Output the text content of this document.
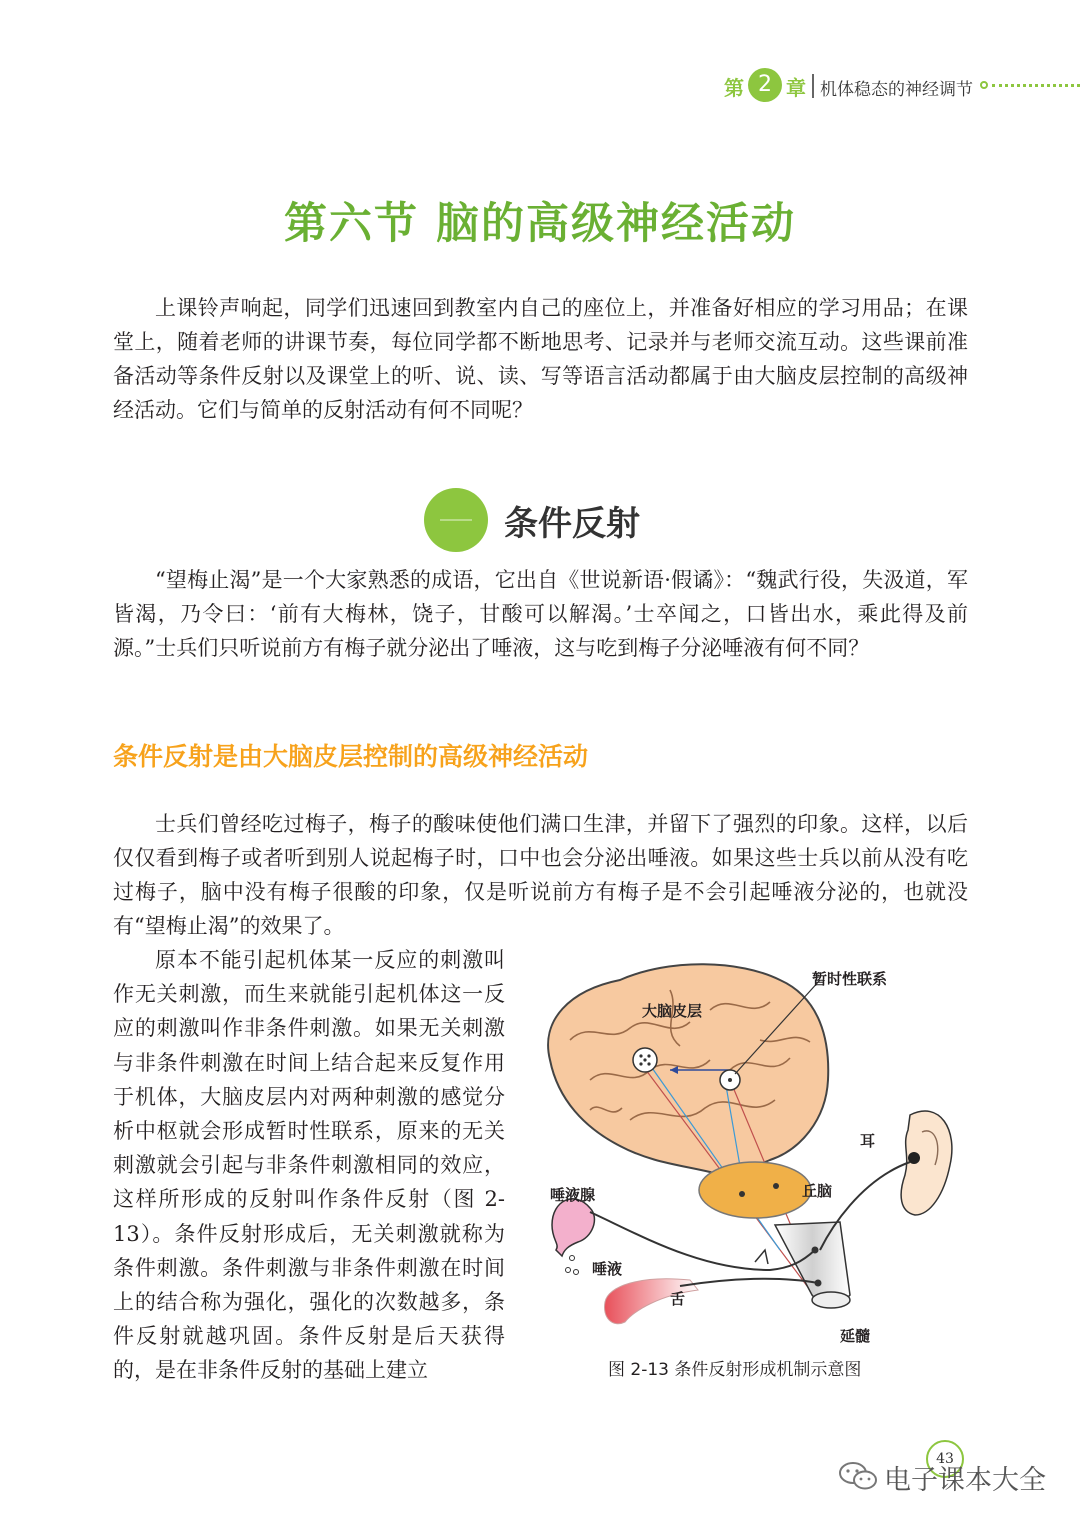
第 2 章 机体稳态的神经调节
第六节 脑的高级神经活动

上课铃声响起，同学们迅速回到教室内自己的座位上，并准备好相应的学习用品；在课堂上，随着老师的讲课节奏，每位同学都不断地思考、记录并与老师交流互动。这些课前准备活动等条件反射以及课堂上的听、说、读、写等语言活动都属于由大脑皮层控制的高级神经活动。它们与简单的反射活动有何不同呢？

条件反射

“望梅止渴”是一个大家熟悉的成语，它出自《世说新语·假谲》：“魏武行役，失汲道，军皆渴，乃令曰：‘前有大梅林，饶子，甘酸可以解渴。’士卒闻之，口皆出水，乘此得及前源。”士兵们只听说前方有梅子就分泌出了唾液，这与吃到梅子分泌唾液有何不同？

条件反射是由大脑皮层控制的高级神经活动

士兵们曾经吃过梅子，梅子的酸味使他们满口生津，并留下了强烈的印象。这样，以后仅仅看到梅子或者听到别人说起梅子时，口中也会分泌出唾液。如果这些士兵以前从没有吃过梅子，脑中没有梅子很酸的印象，仅是听说前方有梅子是不会引起唾液分泌的，也就没有“望梅止渴”的效果了。

原本不能引起机体某一反应的刺激叫作无关刺激，而生来就能引起机体这一反应的刺激叫作非条件刺激。如果无关刺激与非条件刺激在时间上结合起来反复作用于机体，大脑皮层内对两种刺激的感觉分析中枢就会形成暂时性联系，原来的无关刺激就会引起与非条件刺激相同的效应，这样所形成的反射叫作条件反射（图 2-13）。条件反射形成后，无关刺激就称为条件刺激。条件刺激与非条件刺激在时间上的结合称为强化，强化的次数越多，条件反射就越巩固。条件反射是后天获得的，是在非条件反射的基础上建立

暂时性联系
大脑皮层
耳
唾液腺	丘脑
唾液
舌
延髓
图 2-13 条件反射形成机制示意图
43
电子课本大全
